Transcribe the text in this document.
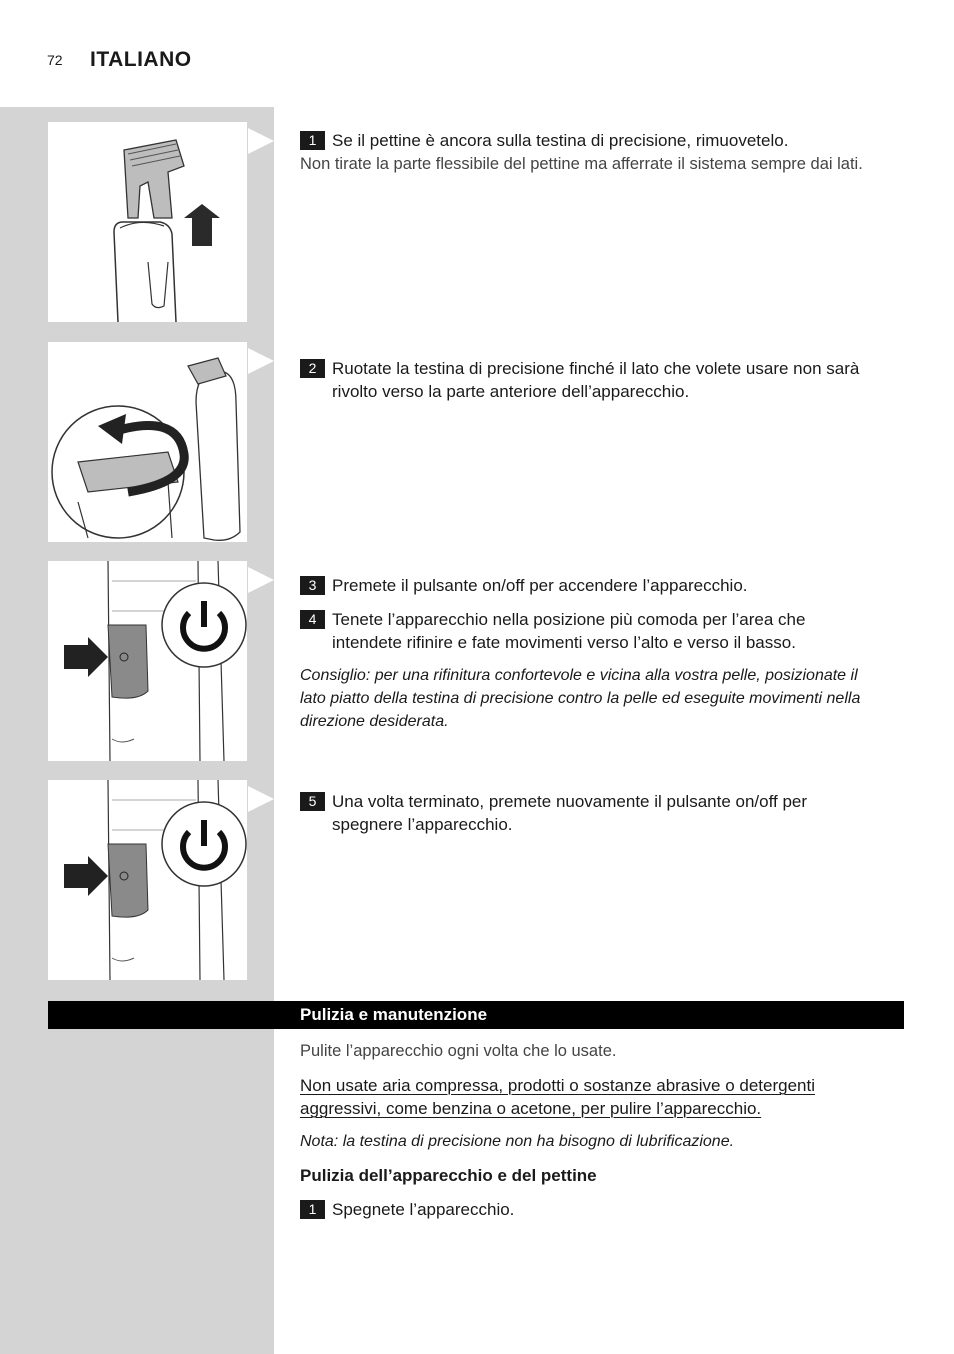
72 ITALIANO
1 Se il pettine è ancora sulla testina di precisione, rimuovetelo.
Non tirate la parte flessibile del pettine ma afferrate il sistema sempre dai lati.
2 Ruotate la testina di precisione finché il lato che volete usare non sarà rivolto verso la parte anteriore dell’apparecchio.
3 Premete il pulsante on/off per accendere l’apparecchio.
4 Tenete l’apparecchio nella posizione più comoda per l’area che intendete rifinire e fate movimenti verso l’alto e verso il basso.
Consiglio: per una rifinitura confortevole e vicina alla vostra pelle, posizionate il lato piatto della testina di precisione contro la pelle ed eseguite movimenti nella direzione desiderata.
5 Una volta terminato, premete nuovamente il pulsante on/off per spegnere l’apparecchio.
Pulizia e manutenzione
Pulite l’apparecchio ogni volta che lo usate.
Non usate aria compressa, prodotti o sostanze abrasive o detergenti aggressivi, come benzina o acetone, per pulire l’apparecchio.
Nota: la testina di precisione non ha bisogno di lubrificazione.
Pulizia dell’apparecchio e del pettine
1 Spegnete l’apparecchio.
